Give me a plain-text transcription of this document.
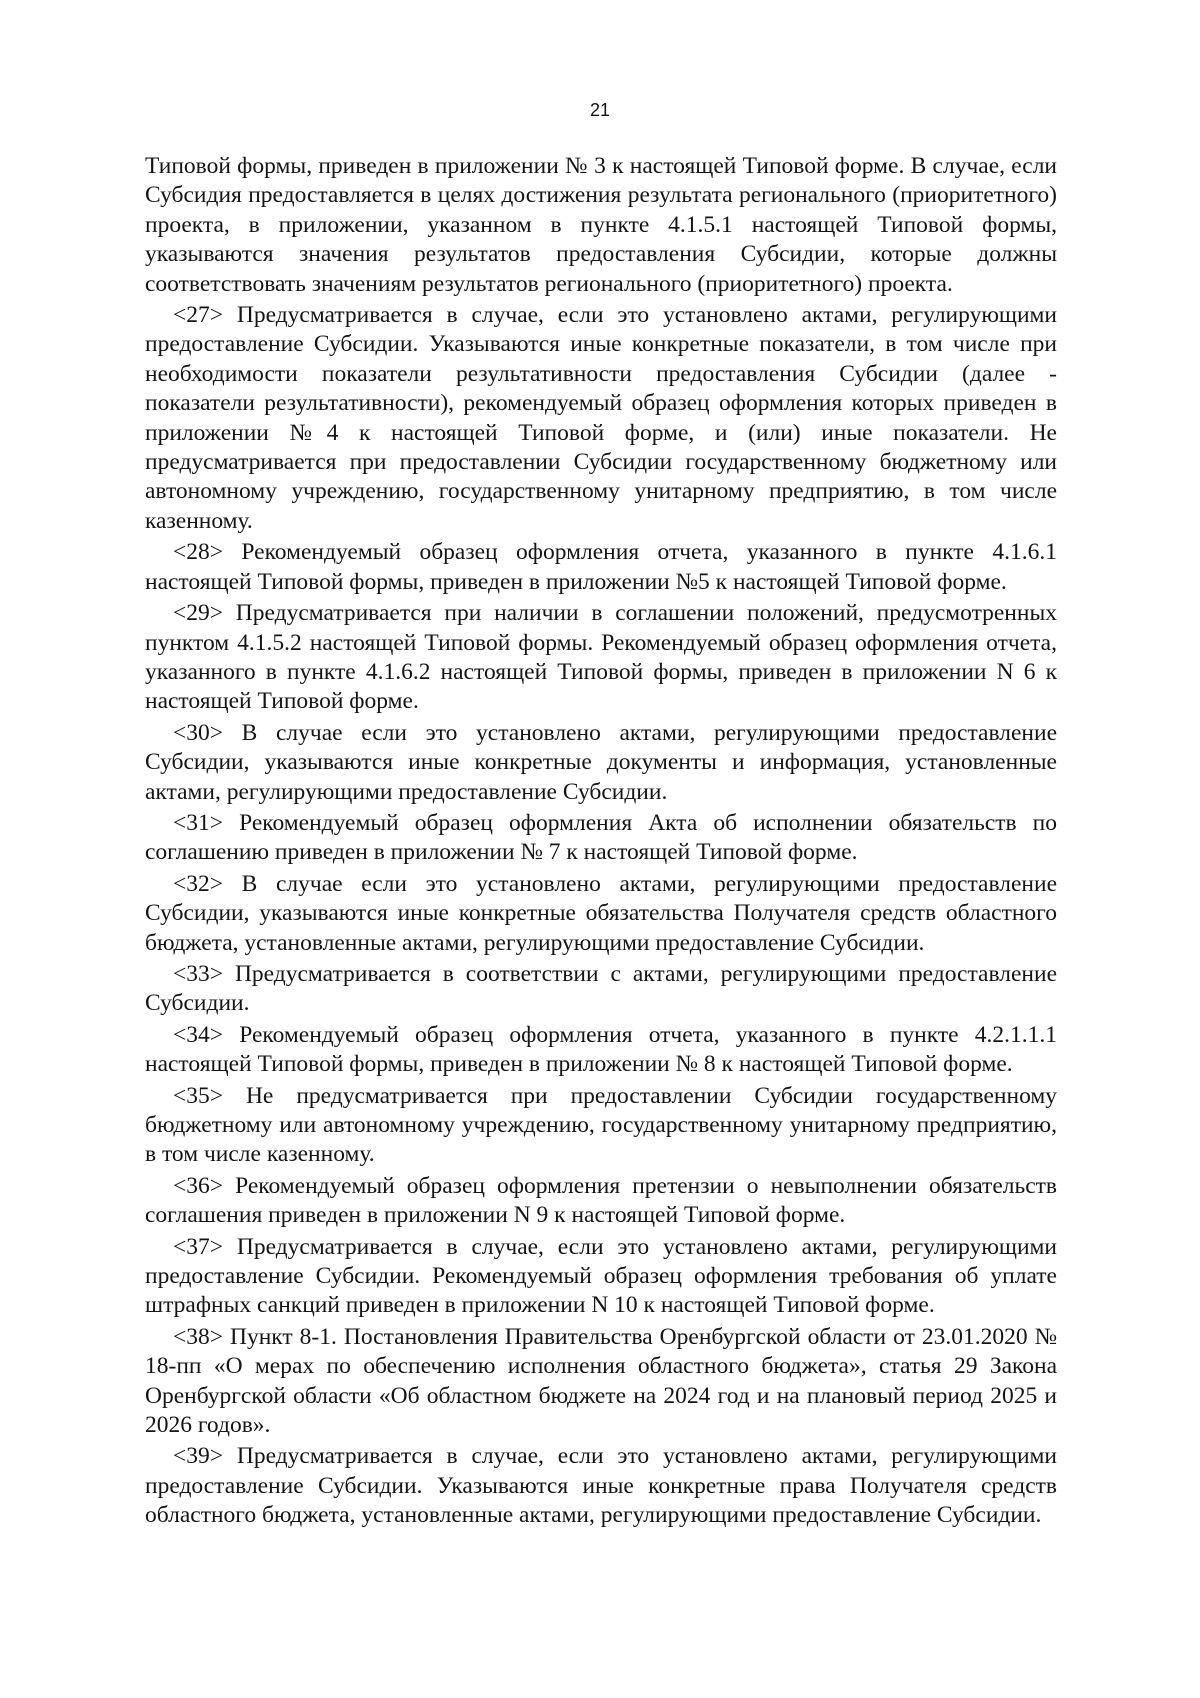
21

Типовой формы, приведен в приложении № 3 к настоящей Типовой форме. В случае, если Субсидия предоставляется в целях достижения результата регионального (приоритетного) проекта, в приложении, указанном в пункте 4.1.5.1 настоящей Типовой формы, указываются значения результатов предоставления Субсидии, которые должны соответствовать значениям результатов регионального (приоритетного) проекта.

<27> Предусматривается в случае, если это установлено актами, регулирующими предоставление Субсидии. Указываются иные конкретные показатели, в том числе при необходимости показатели результативности предоставления Субсидии (далее - показатели результативности), рекомендуемый образец оформления которых приведен в приложении №4 к настоящей Типовой форме, и (или) иные показатели. Не предусматривается при предоставлении Субсидии государственному бюджетному или автономному учреждению, государственному унитарному предприятию, в том числе казенному.

<28> Рекомендуемый образец оформления отчета, указанного в пункте 4.1.6.1 настоящей Типовой формы, приведен в приложении №5 к настоящей Типовой форме.

<29> Предусматривается при наличии в соглашении положений, предусмотренных пунктом 4.1.5.2 настоящей Типовой формы. Рекомендуемый образец оформления отчета, указанного в пункте 4.1.6.2 настоящей Типовой формы, приведен в приложении N 6 к настоящей Типовой форме.

<30> В случае если это установлено актами, регулирующими предоставление Субсидии, указываются иные конкретные документы и информация, установленные актами, регулирующими предоставление Субсидии.

<31> Рекомендуемый образец оформления Акта об исполнении обязательств по соглашению приведен в приложении № 7 к настоящей Типовой форме.

<32> В случае если это установлено актами, регулирующими предоставление Субсидии, указываются иные конкретные обязательства Получателя средств областного бюджета, установленные актами, регулирующими предоставление Субсидии.

<33> Предусматривается в соответствии с актами, регулирующими предоставление Субсидии.

<34> Рекомендуемый образец оформления отчета, указанного в пункте 4.2.1.1.1 настоящей Типовой формы, приведен в приложении № 8 к настоящей Типовой форме.

<35> Не предусматривается при предоставлении Субсидии государственному бюджетному или автономному учреждению, государственному унитарному предприятию, в том числе казенному.

<36> Рекомендуемый образец оформления претензии о невыполнении обязательств соглашения приведен в приложении N 9 к настоящей Типовой форме.

<37> Предусматривается в случае, если это установлено актами, регулирующими предоставление Субсидии. Рекомендуемый образец оформления требования об уплате штрафных санкций приведен в приложении N 10 к настоящей Типовой форме.

<38> Пункт 8-1. Постановления Правительства Оренбургской области от 23.01.2020 № 18-пп «О мерах по обеспечению исполнения областного бюджета», статья 29 Закона Оренбургской области «Об областном бюджете на 2024 год и на плановый период 2025 и 2026 годов».

<39> Предусматривается в случае, если это установлено актами, регулирующими предоставление Субсидии. Указываются иные конкретные права Получателя средств областного бюджета, установленные актами, регулирующими предоставление Субсидии.
